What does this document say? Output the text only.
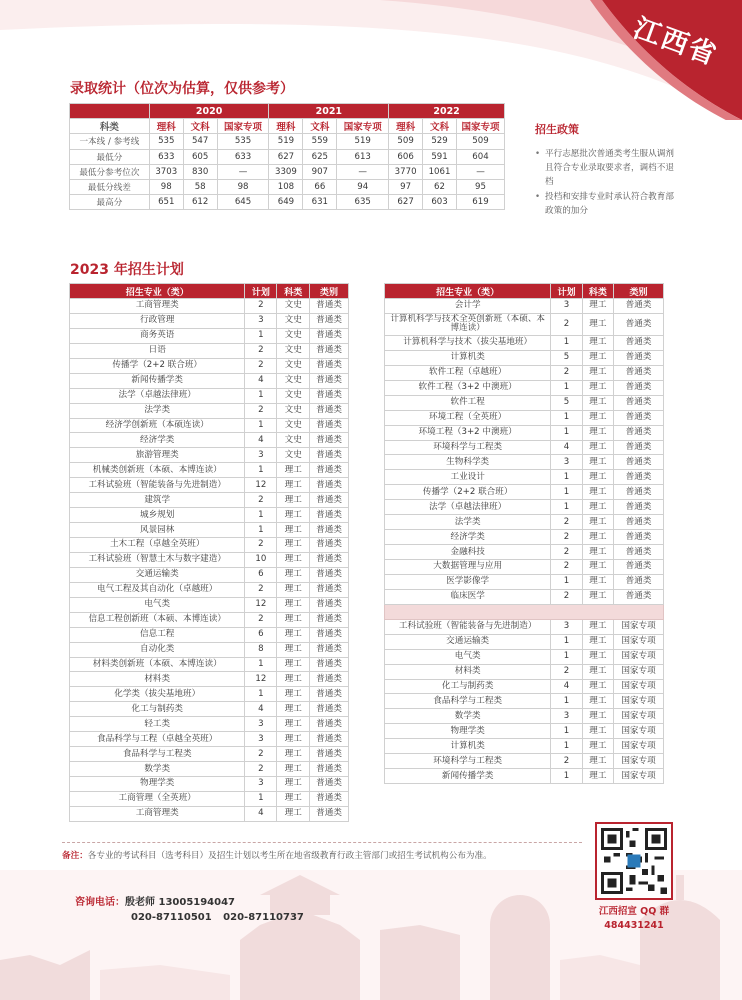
江西省
录取统计（位次为估算，仅供参考）
	2020			2021			2022		
科类	理科	文科	国家专项	理科	文科	国家专项	理科	文科	国家专项
一本线 / 参考线	535	547	535	519	559	519	509	529	509
最低分	633	605	633	627	625	613	606	591	604
最低分参考位次	3703	830	—	3309	907	—	3770	1061	—
最低分线差	98	58	98	108	66	94	97	62	95
最高分	651	612	645	649	631	635	627	603	619
招生政策
• 平行志愿批次普通类考生服从调剂且符合专业录取要求者，调档不退档
• 投档和安排专业时承认符合教育部政策的加分
2023 年招生计划
招生专业（类）	计划	科类	类别
工商管理类	2	文史	普通类
行政管理	3	文史	普通类
商务英语	1	文史	普通类
日语	2	文史	普通类
传播学（2+2 联合班）	2	文史	普通类
新闻传播学类	4	文史	普通类
法学（卓越法律班）	1	文史	普通类
法学类	2	文史	普通类
经济学创新班（本硕连读）	1	文史	普通类
经济学类	4	文史	普通类
旅游管理类	3	文史	普通类
机械类创新班（本硕、本博连读）	1	理工	普通类
工科试验班（智能装备与先进制造）	12	理工	普通类
建筑学	2	理工	普通类
城乡规划	1	理工	普通类
风景园林	1	理工	普通类
土木工程（卓越全英班）	2	理工	普通类
工科试验班（智慧土木与数字建造）	10	理工	普通类
交通运输类	6	理工	普通类
电气工程及其自动化（卓越班）	2	理工	普通类
电气类	12	理工	普通类
信息工程创新班（本硕、本博连读）	2	理工	普通类
信息工程	6	理工	普通类
自动化类	8	理工	普通类
材料类创新班（本硕、本博连读）	1	理工	普通类
材料类	12	理工	普通类
化学类（拔尖基地班）	1	理工	普通类
化工与制药类	4	理工	普通类
轻工类	3	理工	普通类
食品科学与工程（卓越全英班）	3	理工	普通类
食品科学与工程类	2	理工	普通类
数学类	2	理工	普通类
物理学类	3	理工	普通类
工商管理（全英班）	1	理工	普通类
工商管理类	4	理工	普通类
招生专业（类）	计划	科类	类别
会计学	3	理工	普通类
计算机科学与技术全英创新班（本硕、本博连读）	2	理工	普通类
计算机科学与技术（拔尖基地班）	1	理工	普通类
计算机类	5	理工	普通类
软件工程（卓越班）	2	理工	普通类
软件工程（3+2 中澳班）	1	理工	普通类
软件工程	5	理工	普通类
环境工程（全英班）	1	理工	普通类
环境工程（3+2 中澳班）	1	理工	普通类
环境科学与工程类	4	理工	普通类
生物科学类	3	理工	普通类
工业设计	1	理工	普通类
传播学（2+2 联合班）	1	理工	普通类
法学（卓越法律班）	1	理工	普通类
法学类	2	理工	普通类
经济学类	2	理工	普通类
金融科技	2	理工	普通类
大数据管理与应用	2	理工	普通类
医学影像学	1	理工	普通类
临床医学	2	理工	普通类

工科试验班（智能装备与先进制造）	3	理工	国家专项
交通运输类	1	理工	国家专项
电气类	1	理工	国家专项
材料类	2	理工	国家专项
化工与制药类	4	理工	国家专项
食品科学与工程类	1	理工	国家专项
数学类	3	理工	国家专项
物理学类	1	理工	国家专项
计算机类	1	理工	国家专项
环境科学与工程类	2	理工	国家专项
新闻传播学类	1	理工	国家专项
备注：各专业的考试科目（选考科目）及招生计划以考生所在地省级教育行政主管部门或招生考试机构公布为准。
咨询电话：殷老师 13005194047
020-87110501 020-87110737
江西招宣 QQ 群
484431241
